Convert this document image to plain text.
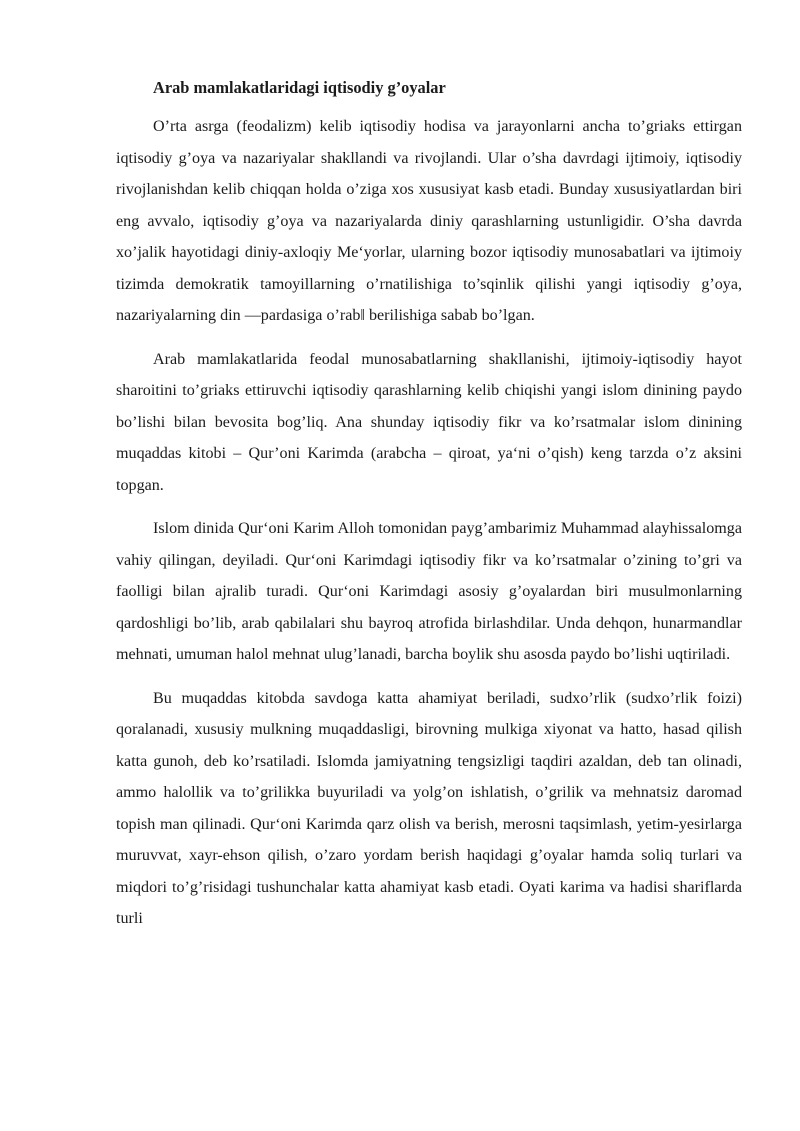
Arab mamlakatlaridagi iqtisodiy g’oyalar

O’rta asrga (feodalizm) kelib iqtisodiy hodisa va jarayonlarni ancha to’griaks ettirgan iqtisodiy g’oya va nazariyalar shakllandi va rivojlandi. Ular o’sha davrdagi ijtimoiy, iqtisodiy rivojlanishdan kelib chiqqan holda o’ziga xos xususiyat kasb etadi. Bunday xususiyatlardan biri eng avvalo, iqtisodiy g’oya va nazariyalarda diniy qarashlarning ustunligidir. O’sha davrda xo’jalik hayotidagi diniy-axloqiy Me‘yorlar, ularning bozor iqtisodiy munosabatlari va ijtimoiy tizimda demokratik tamoyillarning o’rnatilishiga to’sqinlik qilishi yangi iqtisodiy g’oya, nazariyalarning din —pardasiga o’rab‖ berilishiga sabab bo’lgan.

Arab mamlakatlarida feodal munosabatlarning shakllanishi, ijtimoiy-iqtisodiy hayot sharoitini to’griaks ettiruvchi iqtisodiy qarashlarning kelib chiqishi yangi islom dinining paydo bo’lishi bilan bevosita bog’liq. Ana shunday iqtisodiy fikr va ko’rsatmalar islom dinining muqaddas kitobi – Qur’oni Karimda (arabcha – qiroat, ya‘ni o’qish) keng tarzda o’z aksini topgan.

Islom dinida Qur‘oni Karim Alloh tomonidan payg’ambarimiz Muhammad alayhissalomga vahiy qilingan, deyiladi. Qur‘oni Karimdagi iqtisodiy fikr va ko’rsatmalar o’zining to’gri va faolligi bilan ajralib turadi. Qur‘oni Karimdagi asosiy g’oyalardan biri musulmonlarning qardoshligi bo’lib, arab qabilalari shu bayroq atrofida birlashdilar. Unda dehqon, hunarmandlar mehnati, umuman halol mehnat ulug’lanadi, barcha boylik shu asosda paydo bo’lishi uqtiriladi.

Bu muqaddas kitobda savdoga katta ahamiyat beriladi, sudxo’rlik (sudxo’rlik foizi) qoralanadi, xususiy mulkning muqaddasligi, birovning mulkiga xiyonat va hatto, hasad qilish katta gunoh, deb ko’rsatiladi. Islomda jamiyatning tengsizligi taqdiri azaldan, deb tan olinadi, ammo halollik va to’grilikka buyuriladi va yolg’on ishlatish, o’grilik va mehnatsiz daromad topish man qilinadi. Qur‘oni Karimda qarz olish va berish, merosni taqsimlash, yetim-yesirlarga muruvvat, xayr-ehson qilish, o’zaro yordam berish haqidagi g’oyalar hamda soliq turlari va miqdori to’g’risidagi tushunchalar katta ahamiyat kasb etadi. Oyati karima va hadisi shariflarda turli
